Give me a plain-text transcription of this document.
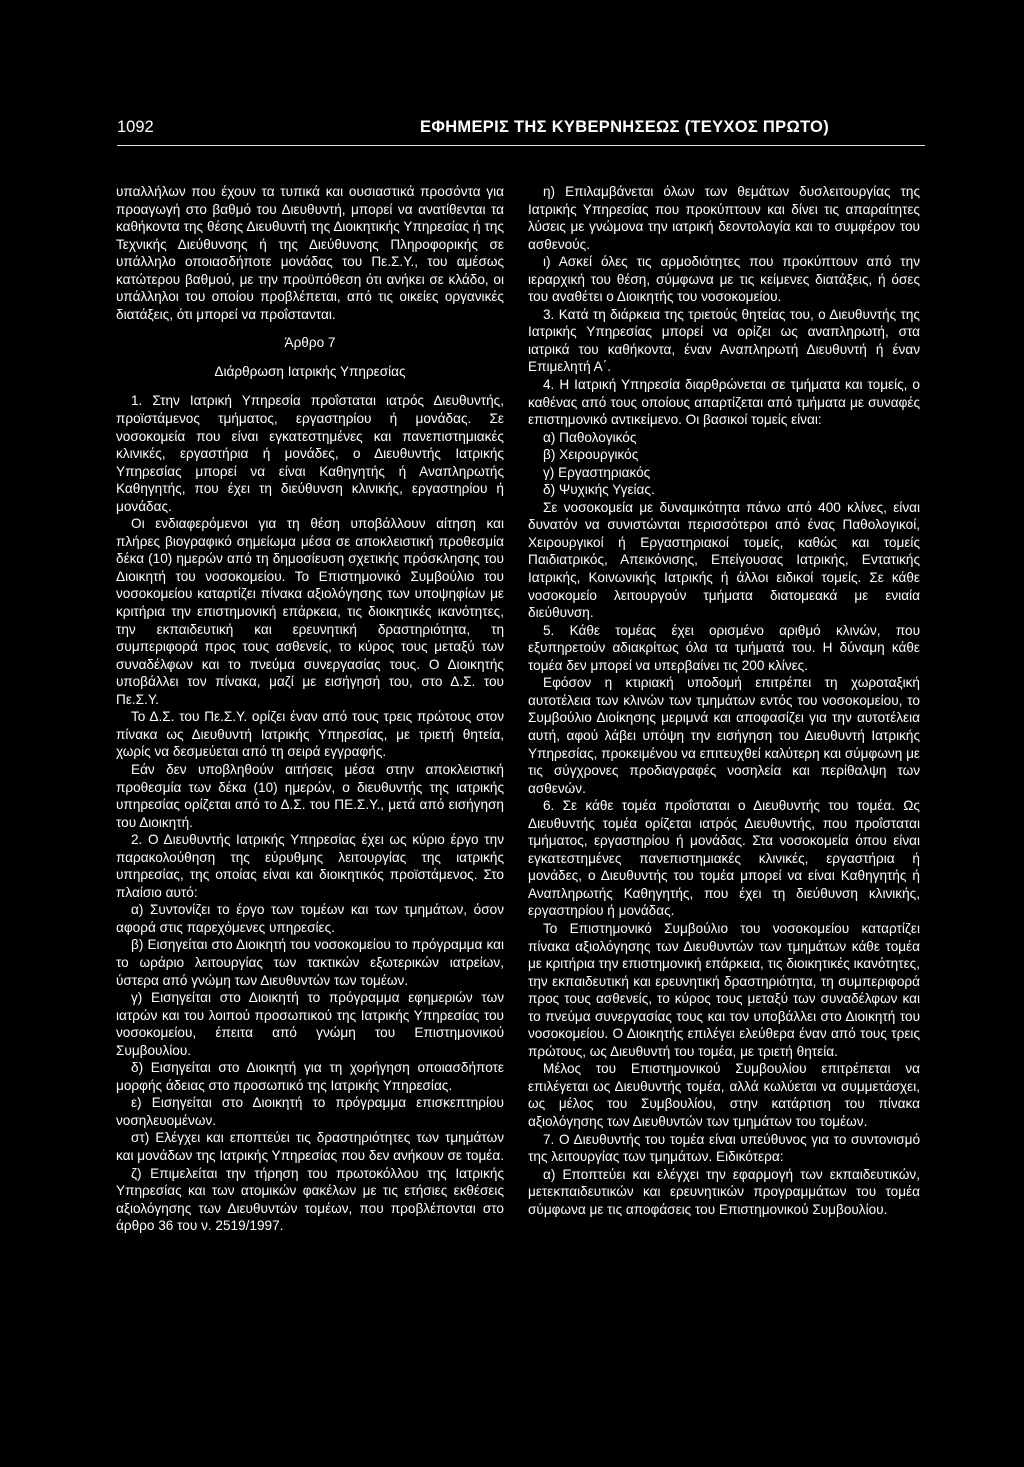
1092	ΕΦΗΜΕΡΙΣ ΤΗΣ ΚΥΒΕΡΝΗΣΕΩΣ (ΤΕΥΧΟΣ ΠΡΩΤΟ)

υπαλλήλων που έχουν τα τυπικά και ουσιαστικά προσόντα για προαγωγή στο βαθμό του Διευθυντή, μπορεί να ανατίθενται τα καθήκοντα της θέσης Διευθυντή της Διοικητικής Υπηρεσίας ή της Τεχνικής Διεύθυνσης ή της Διεύθυνσης Πληροφορικής σε υπάλληλο οποιασδήποτε μονάδας του Πε.Σ.Υ., του αμέσως κατώτερου βαθμού, με την προϋπόθεση ότι ανήκει σε κλάδο, οι υπάλληλοι του οποίου προβλέπεται, από τις οικείες οργανικές διατάξεις, ότι μπορεί να προΐστανται.

Άρθρο 7

Διάρθρωση Ιατρικής Υπηρεσίας

1. Στην Ιατρική Υπηρεσία προΐσταται ιατρός Διευθυντής, προϊστάμενος τμήματος, εργαστηρίου ή μονάδας. Σε νοσοκομεία που είναι εγκατεστημένες και πανεπιστημιακές κλινικές, εργαστήρια ή μονάδες, ο Διευθυντής Ιατρικής Υπηρεσίας μπορεί να είναι Καθηγητής ή Αναπληρωτής Καθηγητής, που έχει τη διεύθυνση κλινικής, εργαστηρίου ή μονάδας.

Οι ενδιαφερόμενοι για τη θέση υποβάλλουν αίτηση και πλήρες βιογραφικό σημείωμα μέσα σε αποκλειστική προθεσμία δέκα (10) ημερών από τη δημοσίευση σχετικής πρόσκλησης του Διοικητή του νοσοκομείου. Το Επιστημονικό Συμβούλιο του νοσοκομείου καταρτίζει πίνακα αξιολόγησης των υποψηφίων με κριτήρια την επιστημονική επάρκεια, τις διοικητικές ικανότητες, την εκπαιδευτική και ερευνητική δραστηριότητα, τη συμπεριφορά προς τους ασθενείς, το κύρος τους μεταξύ των συναδέλφων και το πνεύμα συνεργασίας τους. Ο Διοικητής υποβάλλει τον πίνακα, μαζί με εισήγησή του, στο Δ.Σ. του Πε.Σ.Υ.

Το Δ.Σ. του Πε.Σ.Υ. ορίζει έναν από τους τρεις πρώτους στον πίνακα ως Διευθυντή Ιατρικής Υπηρεσίας, με τριετή θητεία, χωρίς να δεσμεύεται από τη σειρά εγγραφής.

Εάν δεν υποβληθούν αιτήσεις μέσα στην αποκλειστική προθεσμία των δέκα (10) ημερών, ο διευθυντής της ιατρικής υπηρεσίας ορίζεται από το Δ.Σ. του ΠΕ.Σ.Υ., μετά από εισήγηση του Διοικητή.

2. Ο Διευθυντής Ιατρικής Υπηρεσίας έχει ως κύριο έργο την παρακολούθηση της εύρυθμης λειτουργίας της ιατρικής υπηρεσίας, της οποίας είναι και διοικητικός προϊστάμενος. Στο πλαίσιο αυτό:

α) Συντονίζει το έργο των τομέων και των τμημάτων, όσον αφορά στις παρεχόμενες υπηρεσίες.

β) Εισηγείται στο Διοικητή του νοσοκομείου το πρόγραμμα και το ωράριο λειτουργίας των τακτικών εξωτερικών ιατρείων, ύστερα από γνώμη των Διευθυντών των τομέων.

γ) Εισηγείται στο Διοικητή το πρόγραμμα εφημεριών των ιατρών και του λοιπού προσωπικού της Ιατρικής Υπηρεσίας του νοσοκομείου, έπειτα από γνώμη του Επιστημονικού Συμβουλίου.

δ) Εισηγείται στο Διοικητή για τη χορήγηση οποιασδήποτε μορφής άδειας στο προσωπικό της Ιατρικής Υπηρεσίας.

ε) Εισηγείται στο Διοικητή το πρόγραμμα επισκεπτηρίου νοσηλευομένων.

στ) Ελέγχει και εποπτεύει τις δραστηριότητες των τμημάτων και μονάδων της Ιατρικής Υπηρεσίας που δεν ανήκουν σε τομέα.

ζ) Επιμελείται την τήρηση του πρωτοκόλλου της Ιατρικής Υπηρεσίας και των ατομικών φακέλων με τις ετήσιες εκθέσεις αξιολόγησης των Διευθυντών τομέων, που προβλέπονται στο άρθρο 36 του ν. 2519/1997.

η) Επιλαμβάνεται όλων των θεμάτων δυσλειτουργίας της Ιατρικής Υπηρεσίας που προκύπτουν και δίνει τις απαραίτητες λύσεις με γνώμονα την ιατρική δεοντολογία και το συμφέρον του ασθενούς.

ι) Ασκεί όλες τις αρμοδιότητες που προκύπτουν από την ιεραρχική του θέση, σύμφωνα με τις κείμενες διατάξεις, ή όσες του αναθέτει ο Διοικητής του νοσοκομείου.

3. Κατά τη διάρκεια της τριετούς θητείας του, ο Διευθυντής της Ιατρικής Υπηρεσίας μπορεί να ορίζει ως αναπληρωτή, στα ιατρικά του καθήκοντα, έναν Αναπληρωτή Διευθυντή ή έναν Επιμελητή Α΄.

4. Η Ιατρική Υπηρεσία διαρθρώνεται σε τμήματα και τομείς, ο καθένας από τους οποίους απαρτίζεται από τμήματα με συναφές επιστημονικό αντικείμενο. Οι βασικοί τομείς είναι:

α) Παθολογικός

β) Χειρουργικός

γ) Εργαστηριακός

δ) Ψυχικής Υγείας.

Σε νοσοκομεία με δυναμικότητα πάνω από 400 κλίνες, είναι δυνατόν να συνιστώνται περισσότεροι από ένας Παθολογικοί, Χειρουργικοί ή Εργαστηριακοί τομείς, καθώς και τομείς Παιδιατρικός, Απεικόνισης, Επείγουσας Ιατρικής, Εντατικής Ιατρικής, Κοινωνικής Ιατρικής ή άλλοι ειδικοί τομείς. Σε κάθε νοσοκομείο λειτουργούν τμήματα διατομεακά με ενιαία διεύθυνση.

5. Κάθε τομέας έχει ορισμένο αριθμό κλινών, που εξυπηρετούν αδιακρίτως όλα τα τμήματά του. Η δύναμη κάθε τομέα δεν μπορεί να υπερβαίνει τις 200 κλίνες.

Εφόσον η κτιριακή υποδομή επιτρέπει τη χωροταξική αυτοτέλεια των κλινών των τμημάτων εντός του νοσοκομείου, το Συμβούλιο Διοίκησης μεριμνά και αποφασίζει για την αυτοτέλεια αυτή, αφού λάβει υπόψη την εισήγηση του Διευθυντή Ιατρικής Υπηρεσίας, προκειμένου να επιτευχθεί καλύτερη και σύμφωνη με τις σύγχρονες προδιαγραφές νοσηλεία και περίθαλψη των ασθενών.

6. Σε κάθε τομέα προΐσταται ο Διευθυντής του τομέα. Ως Διευθυντής τομέα ορίζεται ιατρός Διευθυντής, που προΐσταται τμήματος, εργαστηρίου ή μονάδας. Στα νοσοκομεία όπου είναι εγκατεστημένες πανεπιστημιακές κλινικές, εργαστήρια ή μονάδες, ο Διευθυντής του τομέα μπορεί να είναι Καθηγητής ή Αναπληρωτής Καθηγητής, που έχει τη διεύθυνση κλινικής, εργαστηρίου ή μονάδας.

Το Επιστημονικό Συμβούλιο του νοσοκομείου καταρτίζει πίνακα αξιολόγησης των Διευθυντών των τμημάτων κάθε τομέα με κριτήρια την επιστημονική επάρκεια, τις διοικητικές ικανότητες, την εκπαιδευτική και ερευνητική δραστηριότητα, τη συμπεριφορά προς τους ασθενείς, το κύρος τους μεταξύ των συναδέλφων και το πνεύμα συνεργασίας τους και τον υποβάλλει στο Διοικητή του νοσοκομείου. Ο Διοικητής επιλέγει ελεύθερα έναν από τους τρεις πρώτους, ως Διευθυντή του τομέα, με τριετή θητεία.

Μέλος του Επιστημονικού Συμβουλίου επιτρέπεται να επιλέγεται ως Διευθυντής τομέα, αλλά κωλύεται να συμμετάσχει, ως μέλος του Συμβουλίου, στην κατάρτιση του πίνακα αξιολόγησης των Διευθυντών των τμημάτων του τομέων.

7. Ο Διευθυντής του τομέα είναι υπεύθυνος για το συντονισμό της λειτουργίας των τμημάτων. Ειδικότερα:

α) Εποπτεύει και ελέγχει την εφαρμογή των εκπαιδευτικών, μετεκπαιδευτικών και ερευνητικών προγραμμάτων του τομέα σύμφωνα με τις αποφάσεις του Επιστημονικού Συμβουλίου.
